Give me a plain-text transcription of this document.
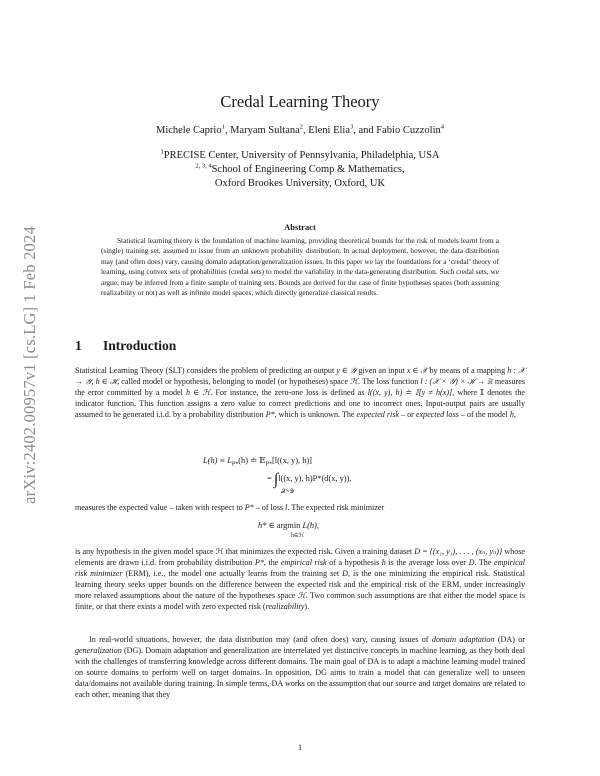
arXiv:2402.00957v1 [cs.LG] 1 Feb 2024
Credal Learning Theory
Michele Caprio$^1$, Maryam Sultana$^2$, Eleni Elia$^3$, and Fabio Cuzzolin$^4$
$^1$PRECISE Center, University of Pennsylvania, Philadelphia, USA
$^{2, 3, 4}$School of Engineering Comp & Mathematics,
Oxford Brookes University, Oxford, UK
Abstract

Statistical learning theory is the foundation of machine learning, providing theoretical bounds for the risk of models learnt from a (single) training set, assumed to issue from an unknown probability distribution. In actual deployment, however, the data distribution may (and often does) vary, causing domain adaptation/generalization issues. In this paper we lay the foundations for a ‘credal’ theory of learning, using convex sets of probabilities (credal sets) to model the variability in the data-generating distribution. Such credal sets, we argue, may be inferred from a finite sample of training sets. Bounds are derived for the case of finite hypotheses spaces (both assuming realizability or not) as well as infinite model spaces, which directly generalize classical results.

1 Introduction

Statistical Learning Theory (SLT) considers the problem of predicting an output y ∈ 𝒴 given an input x ∈ 𝒳 by means of a mapping h : 𝒳 → 𝒴, h ∈ ℋ, called model or hypothesis, belonging to model (or hypotheses) space ℋ. The loss function l : (𝒳 × 𝒴) × ℋ → ℝ measures the error committed by a model h ∈ ℋ. For instance, the zero-one loss is defined as l((x, y), h) ≐ 𝕀[y ≠ h(x)], where 𝕀 denotes the indicator function. This function assigns a zero value to correct predictions and one to incorrect ones. Input-output pairs are usually assumed to be generated i.i.d. by a probability distribution P*, which is unknown. The expected risk – or expected loss – of the model h,

$L(h) \equiv L_{P*}(h)$ ≐ 𝔼$_{P*}$[l((x, y), h)]
= ∫l((x, y), h)P*(d(x, y)),
𝒳×𝒴

measures the expected value – taken with respect to P* – of loss l. The expected risk minimizer

h* ∈ argmin L(h),
h∈ℋ

is any hypothesis in the given model space ℋ that minimizes the expected risk. Given a training dataset D = {(x₁, y₁), . . . , (xₙ, yₙ)} whose elements are drawn i.i.d. from probability distribution P*, the empirical risk of a hypothesis h is the average loss over D. The empirical risk minimizer (ERM), i.e., the model one actually learns from the training set D, is the one minimizing the empirical risk. Statistical learning theory seeks upper bounds on the difference between the expected risk and the empirical risk of the ERM, under increasingly more relaxed assumptions about the nature of the hypotheses space ℋ. Two common such assumptions are that either the model space is finite, or that there exists a model with zero expected risk (realizability).

In real-world situations, however, the data distribution may (and often does) vary, causing issues of domain adaptation (DA) or generalization (DG). Domain adaptation and generalization are interrelated yet distinctive concepts in machine learning, as they both deal with the challenges of transferring knowledge across different domains. The main goal of DA is to adapt a machine learning model trained on source domains to perform well on target domains. In opposition, DG aims to train a model that can generalize well to unseen data/domains not available during training. In simple terms, DA works on the assumption that our source and target domains are related to each other, meaning that they

1
